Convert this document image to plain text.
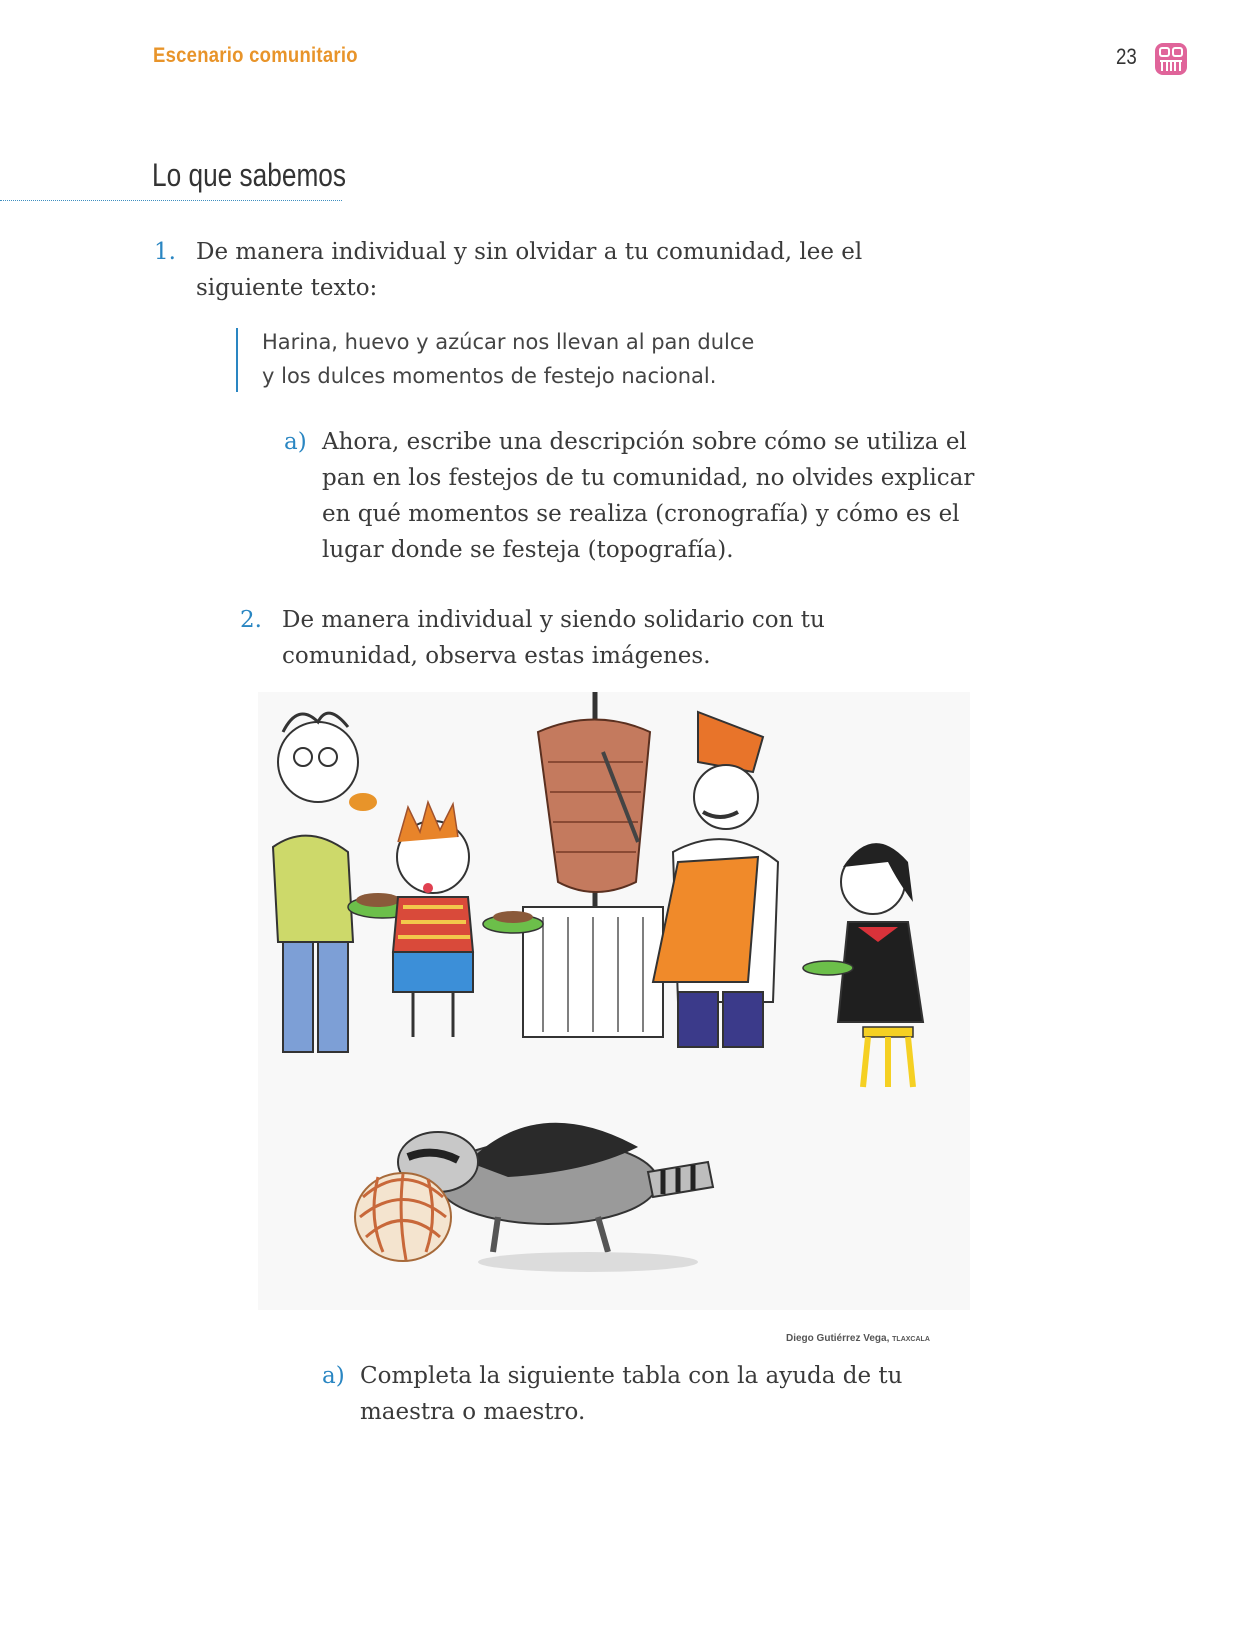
Escenario comunitario	23
Lo que sabemos
1. De manera individual y sin olvidar a tu comunidad, lee el siguiente texto:
Harina, huevo y azúcar nos llevan al pan dulce
y los dulces momentos de festejo nacional.
a) Ahora, escribe una descripción sobre cómo se utiliza el pan en los festejos de tu comunidad, no olvides explicar en qué momentos se realiza (cronografía) y cómo es el lugar donde se festeja (topografía).
2. De manera individual y siendo solidario con tu comunidad, observa estas imágenes.
Diego Gutiérrez Vega, TLAXCALA
a) Completa la siguiente tabla con la ayuda de tu maestra o maestro.
